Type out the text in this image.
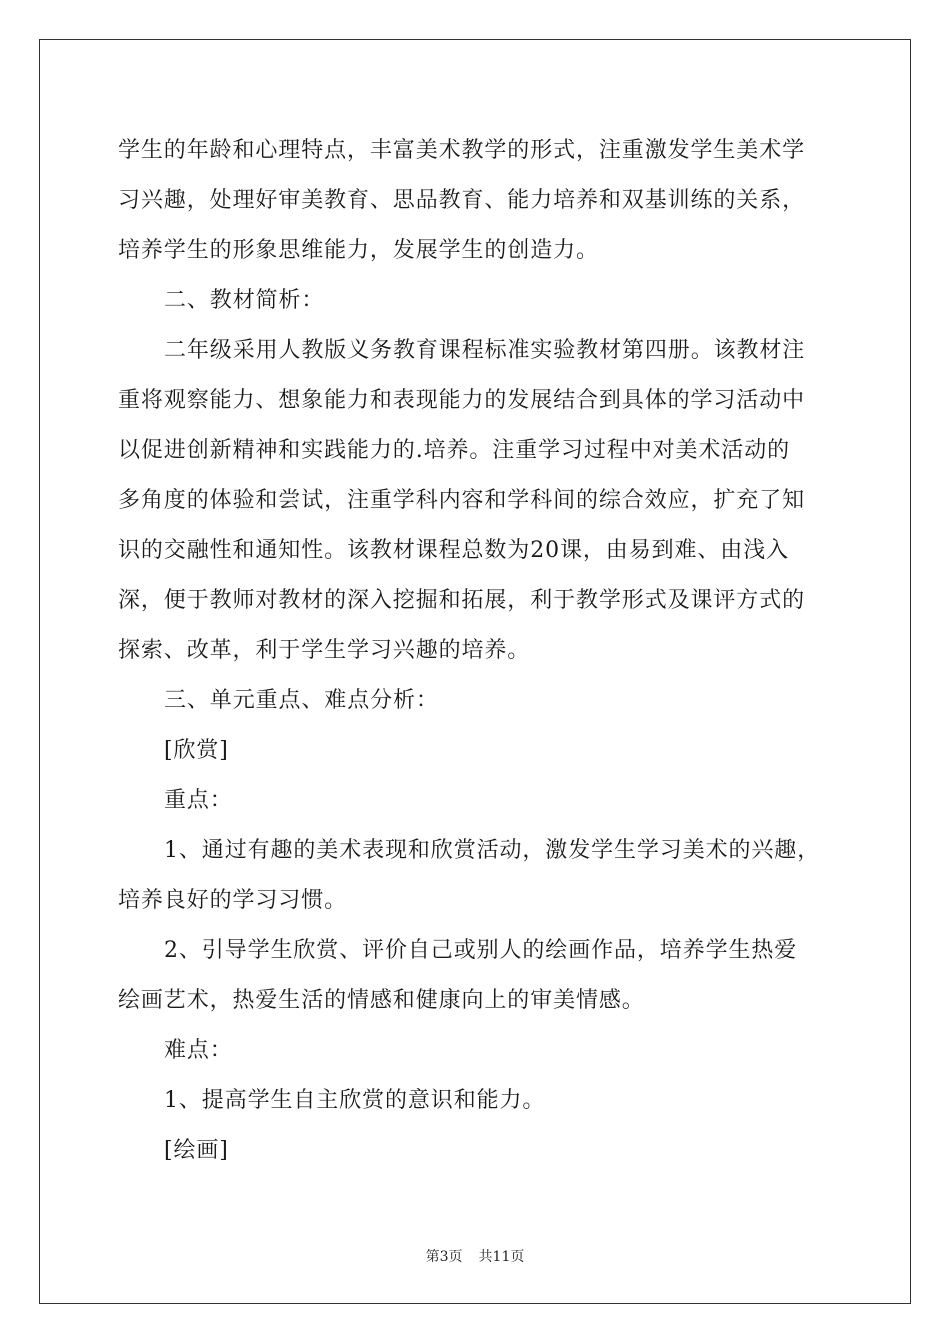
学生的年龄和心理特点，丰富美术教学的形式，注重激发学生美术学
习兴趣，处理好审美教育、思品教育、能力培养和双基训练的关系，
培养学生的形象思维能力，发展学生的创造力。
二、教材简析：
二年级采用人教版义务教育课程标准实验教材第四册。该教材注
重将观察能力、想象能力和表现能力的发展结合到具体的学习活动中
以促进创新精神和实践能力的.培养。注重学习过程中对美术活动的
多角度的体验和尝试，注重学科内容和学科间的综合效应，扩充了知
识的交融性和通知性。该教材课程总数为20课，由易到难、由浅入
深，便于教师对教材的深入挖掘和拓展，利于教学形式及课评方式的
探索、改革，利于学生学习兴趣的培养。
三、单元重点、难点分析：
[欣赏]
重点：
1、通过有趣的美术表现和欣赏活动，激发学生学习美术的兴趣，
培养良好的学习习惯。
2、引导学生欣赏、评价自己或别人的绘画作品，培养学生热爱
绘画艺术，热爱生活的情感和健康向上的审美情感。
难点：
1、提高学生自主欣赏的意识和能力。
[绘画]
第3页 共11页
